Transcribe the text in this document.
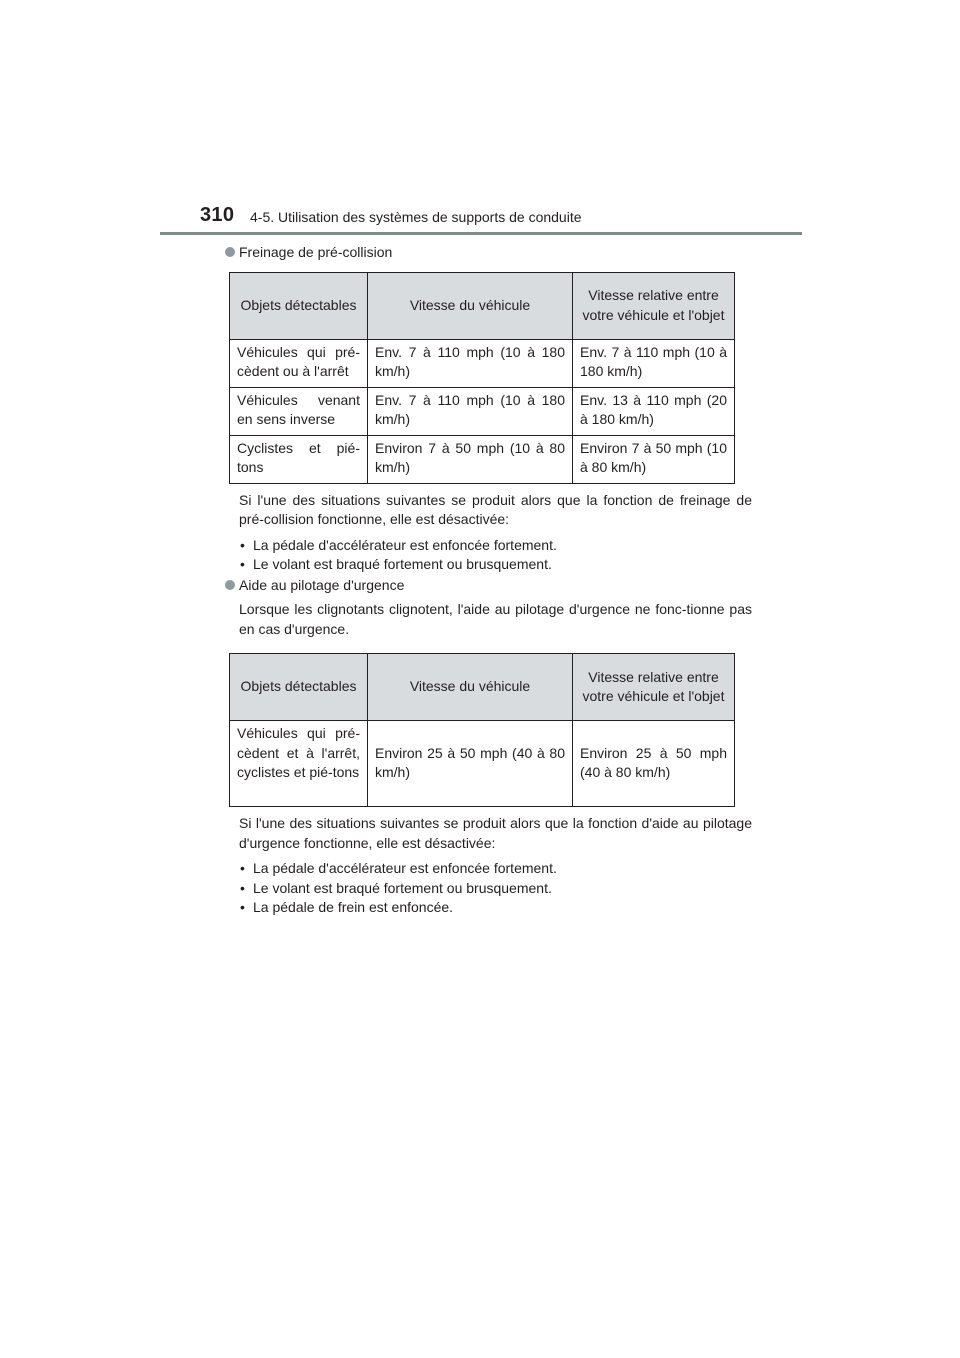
310 4-5. Utilisation des systèmes de supports de conduite

Freinage de pré-collision

Objets détectables	Vitesse du véhicule	Vitesse relative entre votre véhicule et l'objet
Véhicules qui pré-cèdent ou à l'arrêt	Env. 7 à 110 mph (10 à 180 km/h)	Env. 7 à 110 mph (10 à 180 km/h)
Véhicules venant en sens inverse	Env. 7 à 110 mph (10 à 180 km/h)	Env. 13 à 110 mph (20 à 180 km/h)
Cyclistes et pié-tons	Environ 7 à 50 mph (10 à 80 km/h)	Environ 7 à 50 mph (10 à 80 km/h)

Si l'une des situations suivantes se produit alors que la fonction de freinage de pré-collision fonctionne, elle est désactivée:

• La pédale d'accélérateur est enfoncée fortement.
• Le volant est braqué fortement ou brusquement.

Aide au pilotage d'urgence

Lorsque les clignotants clignotent, l'aide au pilotage d'urgence ne fonc-tionne pas en cas d'urgence.

Objets détectables	Vitesse du véhicule	Vitesse relative entre votre véhicule et l'objet
Véhicules qui pré-cèdent et à l'arrêt, cyclistes et pié-tons	Environ 25 à 50 mph (40 à 80 km/h)	Environ 25 à 50 mph (40 à 80 km/h)

Si l'une des situations suivantes se produit alors que la fonction d'aide au pilotage d'urgence fonctionne, elle est désactivée:

• La pédale d'accélérateur est enfoncée fortement.
• Le volant est braqué fortement ou brusquement.
• La pédale de frein est enfoncée.
